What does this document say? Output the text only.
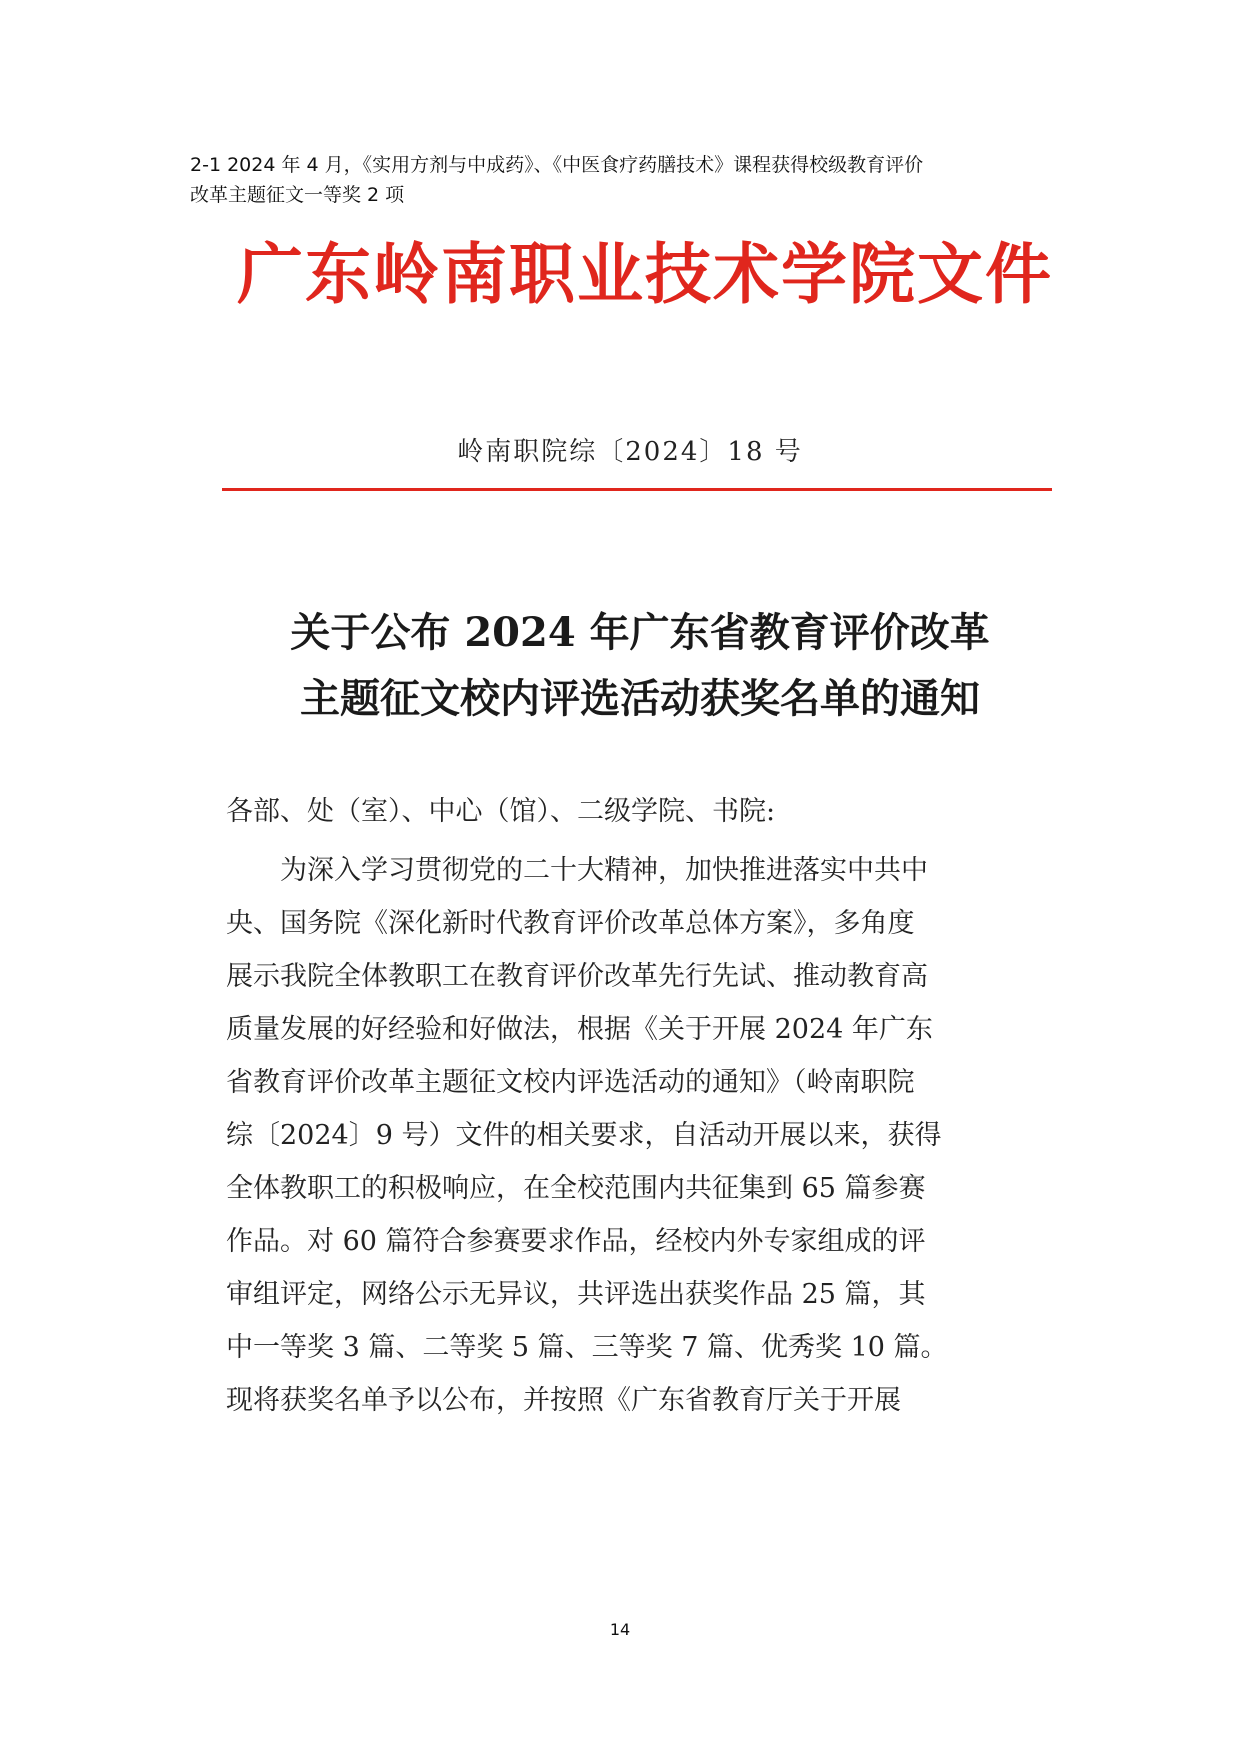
2-1 2024 年 4 月，《实用方剂与中成药》、《中医食疗药膳技术》课程获得校级教育评价
改革主题征文一等奖 2 项
广东岭南职业技术学院文件
岭南职院综〔2024〕18 号
关于公布 2024 年广东省教育评价改革
主题征文校内评选活动获奖名单的通知
各部、处（室）、中心（馆）、二级学院、书院:
为深入学习贯彻党的二十大精神，加快推进落实中共中
央、国务院《深化新时代教育评价改革总体方案》，多角度
展示我院全体教职工在教育评价改革先行先试、推动教育高
质量发展的好经验和好做法，根据《关于开展 2024 年广东
省教育评价改革主题征文校内评选活动的通知》（岭南职院
综〔2024〕9 号）文件的相关要求，自活动开展以来，获得
全体教职工的积极响应，在全校范围内共征集到 65 篇参赛
作品。对 60 篇符合参赛要求作品，经校内外专家组成的评
审组评定，网络公示无异议，共评选出获奖作品 25 篇，其
中一等奖 3 篇、二等奖 5 篇、三等奖 7 篇、优秀奖 10 篇。
现将获奖名单予以公布，并按照《广东省教育厅关于开展
14
